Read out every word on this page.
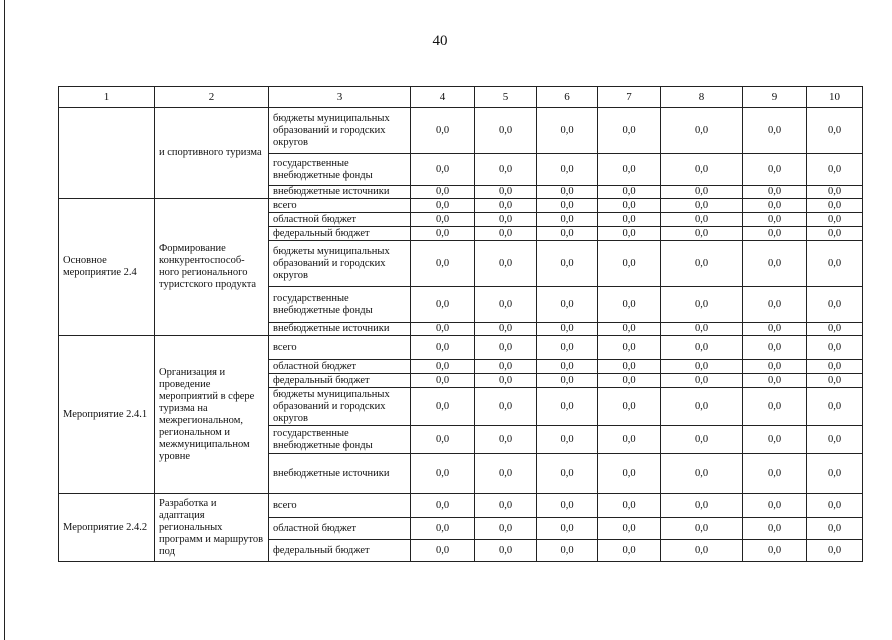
40
1	2	3	4	5	6	7	8	9	10
	и спортивного туризма	бюджеты муниципальных образований и городских округов	0,0	0,0	0,0	0,0	0,0	0,0	0,0
		государственные внебюджетные фонды	0,0	0,0	0,0	0,0	0,0	0,0	0,0
		внебюджетные источники	0,0	0,0	0,0	0,0	0,0	0,0	0,0
Основное мероприятие 2.4	Формирование конкурентоспособ-ного регионального туристского продукта	всего	0,0	0,0	0,0	0,0	0,0	0,0	0,0
		областной бюджет	0,0	0,0	0,0	0,0	0,0	0,0	0,0
		федеральный бюджет	0,0	0,0	0,0	0,0	0,0	0,0	0,0
		бюджеты муниципальных образований и городских округов	0,0	0,0	0,0	0,0	0,0	0,0	0,0
		государственные внебюджетные фонды	0,0	0,0	0,0	0,0	0,0	0,0	0,0
		внебюджетные источники	0,0	0,0	0,0	0,0	0,0	0,0	0,0
Мероприятие 2.4.1	Организация и проведение мероприятий в сфере туризма на межрегиональном, региональном и межмуниципальном уровне	всего	0,0	0,0	0,0	0,0	0,0	0,0	0,0
		областной бюджет	0,0	0,0	0,0	0,0	0,0	0,0	0,0
		федеральный бюджет	0,0	0,0	0,0	0,0	0,0	0,0	0,0
		бюджеты муниципальных образований и городских округов	0,0	0,0	0,0	0,0	0,0	0,0	0,0
		государственные внебюджетные фонды	0,0	0,0	0,0	0,0	0,0	0,0	0,0
		внебюджетные источники	0,0	0,0	0,0	0,0	0,0	0,0	0,0
Мероприятие 2.4.2	Разработка и адаптация региональных программ и маршрутов под	всего	0,0	0,0	0,0	0,0	0,0	0,0	0,0
		областной бюджет	0,0	0,0	0,0	0,0	0,0	0,0	0,0
		федеральный бюджет	0,0	0,0	0,0	0,0	0,0	0,0	0,0
